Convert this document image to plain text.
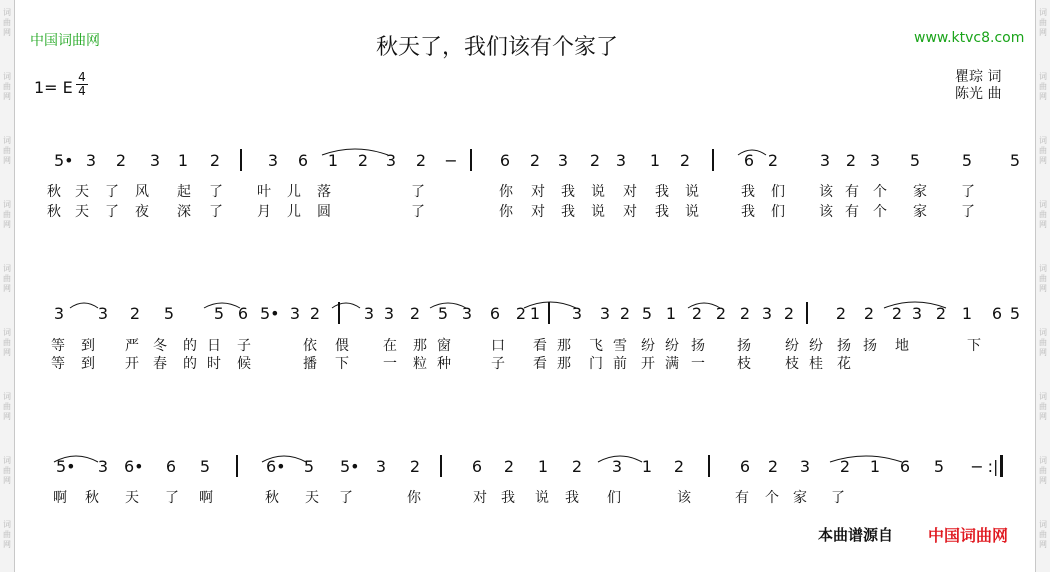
词
曲
网
词
曲
网
词
曲
网
词
曲
网
词
曲
网
词
曲
网
词
曲
网
词
曲
网
词
曲
网
词
曲
网
词
曲
网
词
曲
网
词
曲
网
词
曲
网
词
曲
网
词
曲
网
词
曲
网
词
曲
网
中国词曲网	秋天了，我们该有个家了	www.ktvc8.com
1= E
4
4
瞿琮 词
陈光 曲
5• 3 2 3 1 2	3 6 1 2 3 2 −	6 2 3 2 3 1 2	6 2	3 2 3 5	5 5
秋 天 了 风 起 了 叶 儿 落	了	你 对 我 说 对 我 说	我 们 该 有 个 家 了
秋 天 了 夜 深 了 月 儿 圆	了	你 对 我 说 对 我 说	我 们 该 有 个 家 了
3 3 2 5 5 6 5• 3 2	3 3 2 5 3 6 2 1 3 3 2 5 1 2 2 2 3 2	2 2 2 3 2 1 6 5
等 到 严 冬 的 日 子	依 偎 在 那 窗	口 看 那 飞 雪 纷 纷 扬 扬 纷 纷 扬 扬 地	下
等 到 开 春 的 时 候	播 下 一 粒 种	子 看 那 门 前 开 满 一 枝 枝 桂 花
5• 3 6• 6 5	6• 5 5• 3 2	6 2 1 2 3 1 2	6 2 3 2 1 6 5 − :|
啊 秋 天 了 啊	秋 天 了	你	对 我 说 我 们	该	有 个 家 了
本曲谱源自 中国词曲网
